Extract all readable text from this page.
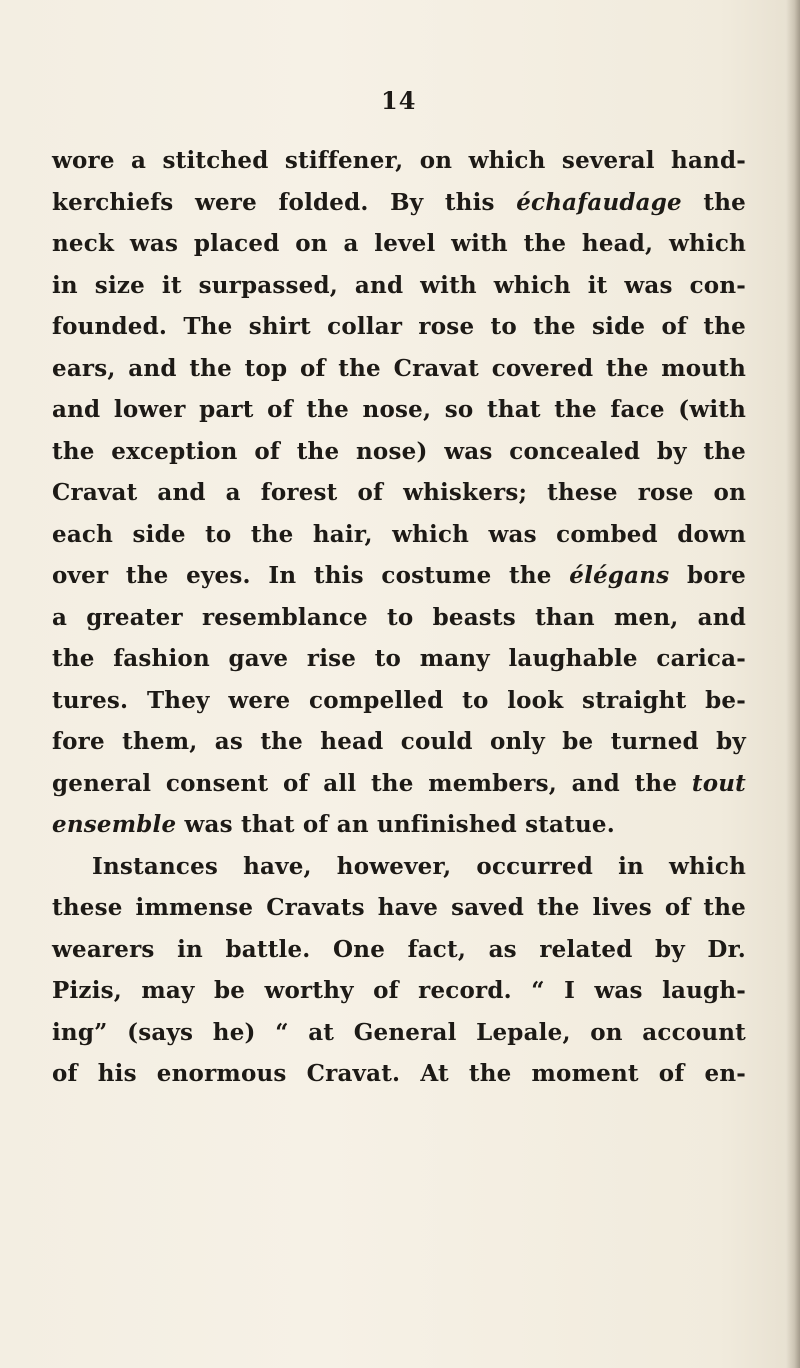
14
wore a stitched stiffener, on which several hand-
kerchiefs were folded. By this échafaudage the
neck was placed on a level with the head, which
in size it surpassed, and with which it was con-
founded. The shirt collar rose to the side of the
ears, and the top of the Cravat covered the mouth
and lower part of the nose, so that the face (with
the exception of the nose) was concealed by the
Cravat and a forest of whiskers; these rose on
each side to the hair, which was combed down
over the eyes. In this costume the élégans bore
a greater resemblance to beasts than men, and
the fashion gave rise to many laughable carica-
tures. They were compelled to look straight be-
fore them, as the head could only be turned by
general consent of all the members, and the tout
ensemble was that of an unfinished statue.
Instances have, however, occurred in which
these immense Cravats have saved the lives of the
wearers in battle. One fact, as related by Dr.
Pizis, may be worthy of record. “ I was laugh-
ing” (says he) “ at General Lepale, on account
of his enormous Cravat. At the moment of en-
